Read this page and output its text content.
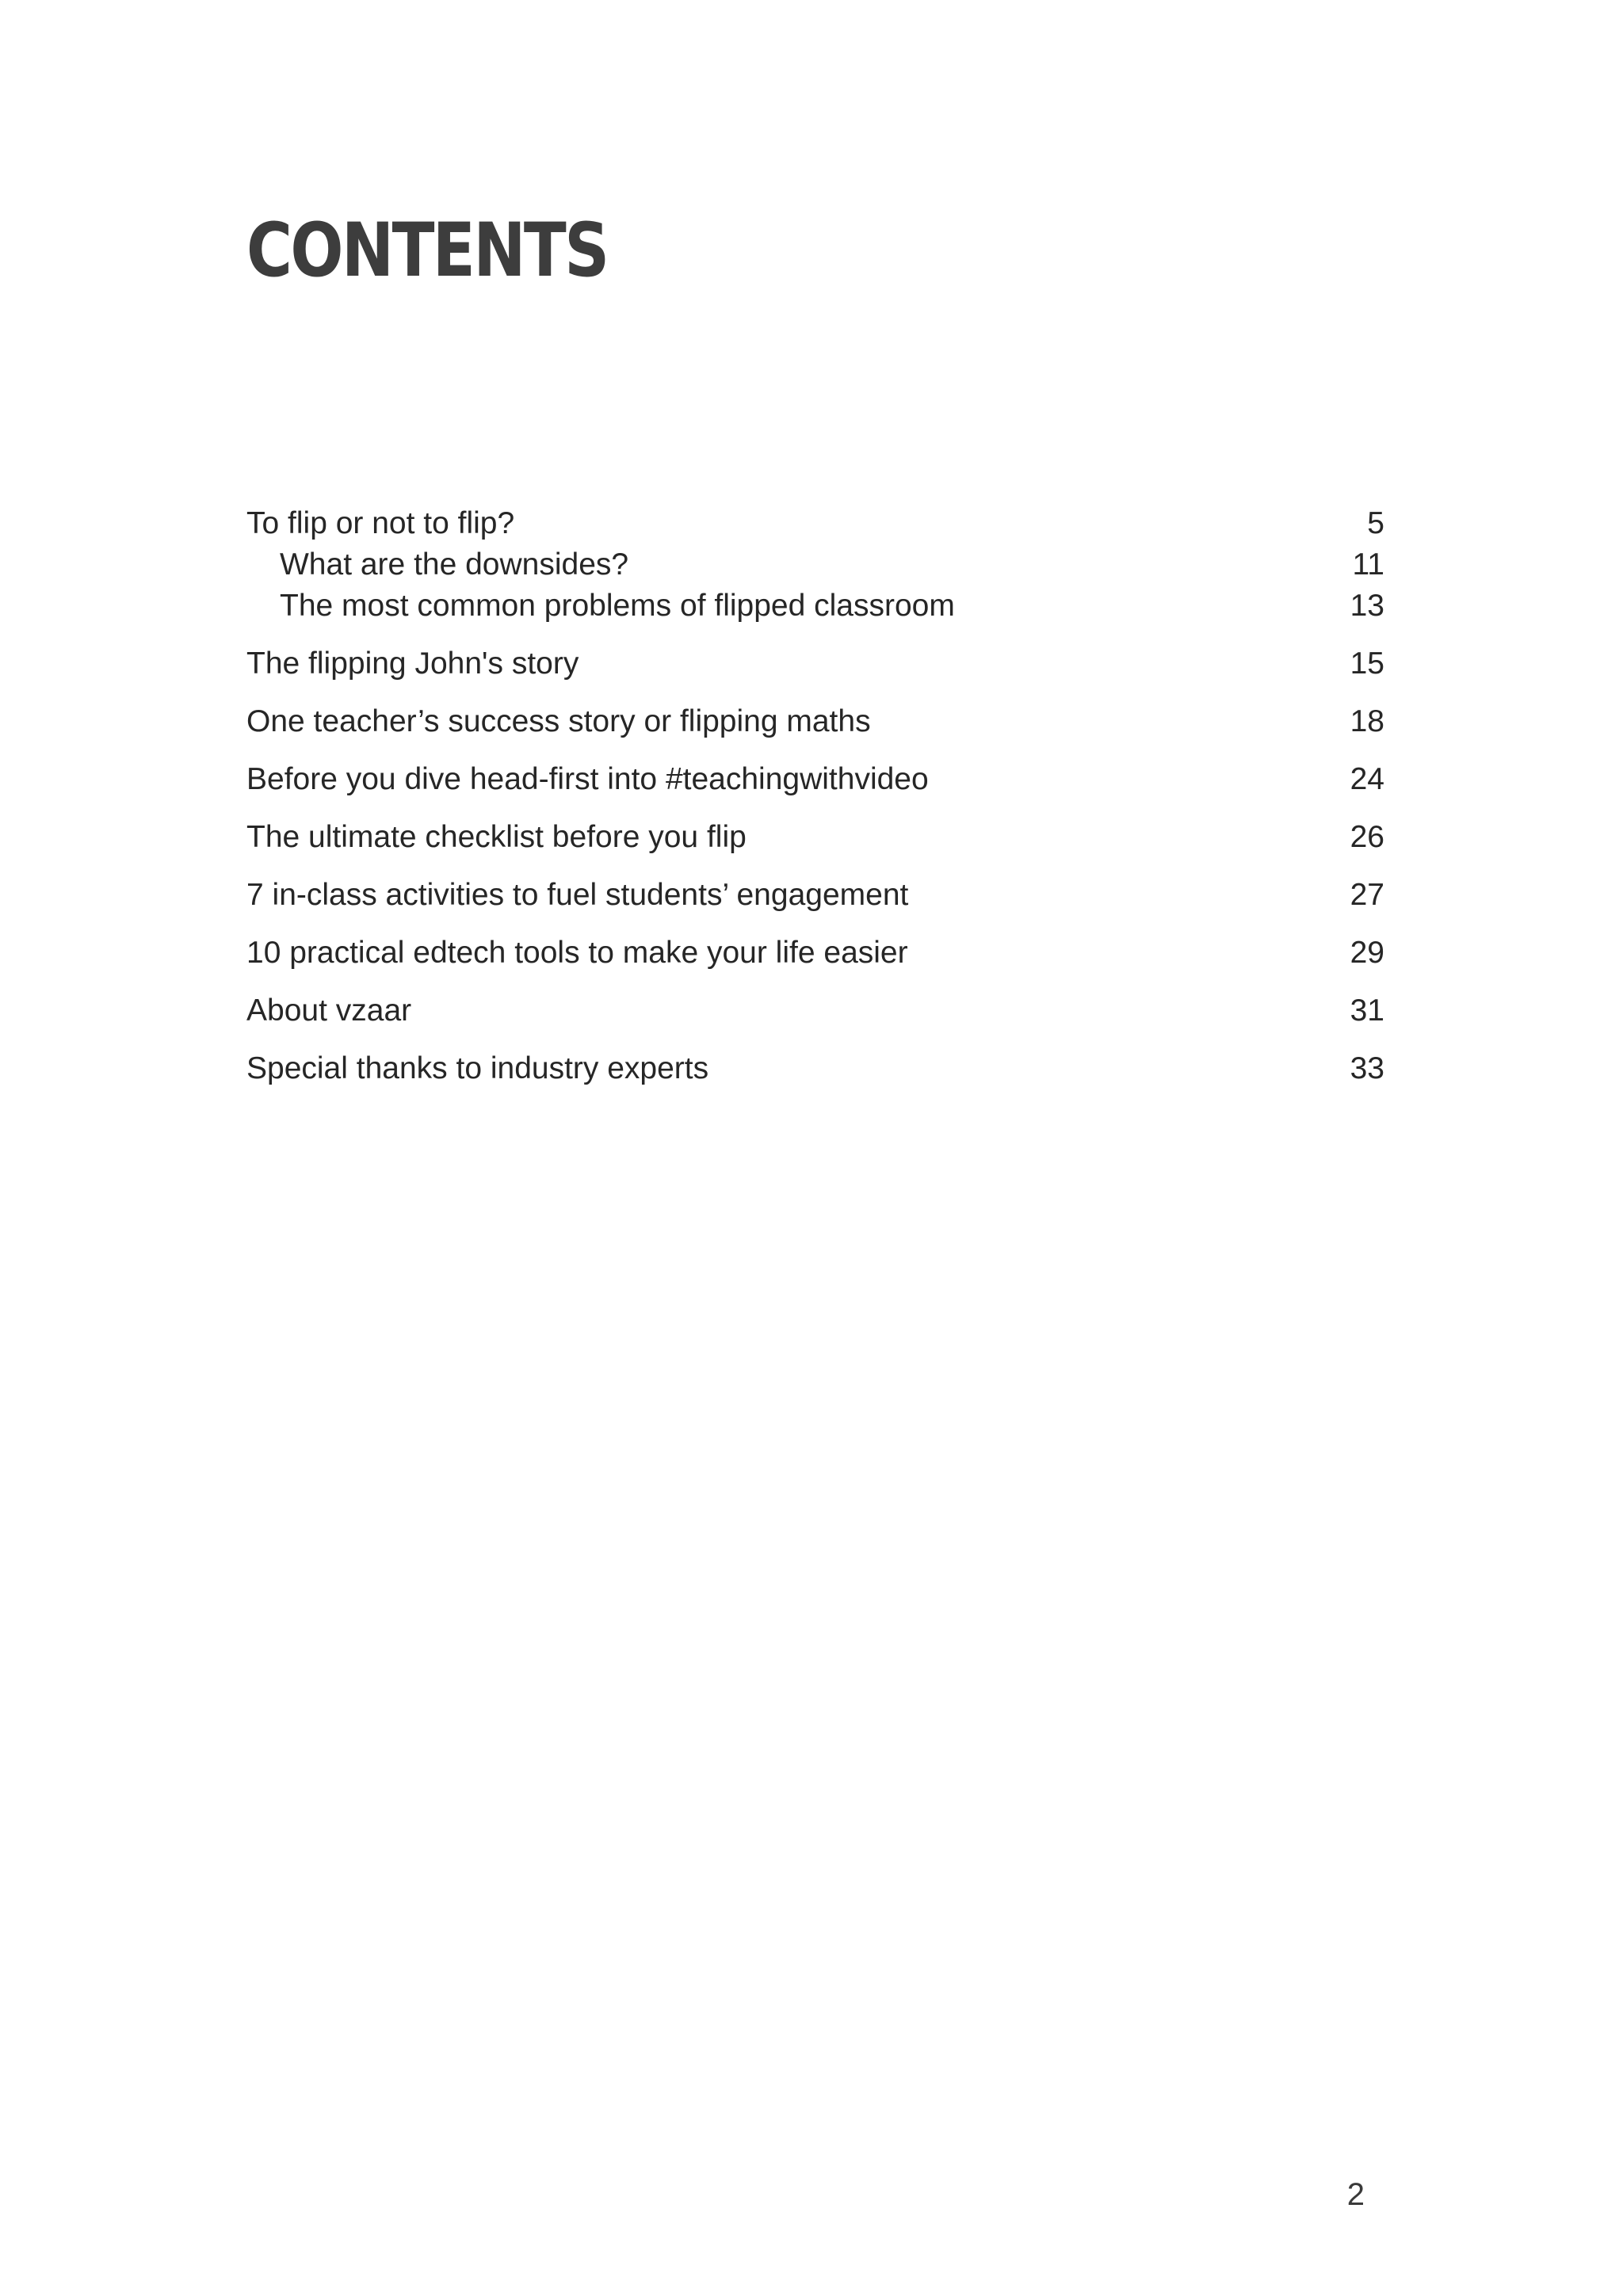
CONTENTS
To flip or not to flip?	5
What are the downsides?	11
The most common problems of flipped classroom	13
The flipping John's story	15
One teacher’s success story or flipping maths	18
Before you dive head-first into #teachingwithvideo	24
The ultimate checklist before you flip	26
7 in-class activities to fuel students’ engagement	27
10 practical edtech tools to make your life easier	29
About vzaar	31
Special thanks to industry experts	33
2
